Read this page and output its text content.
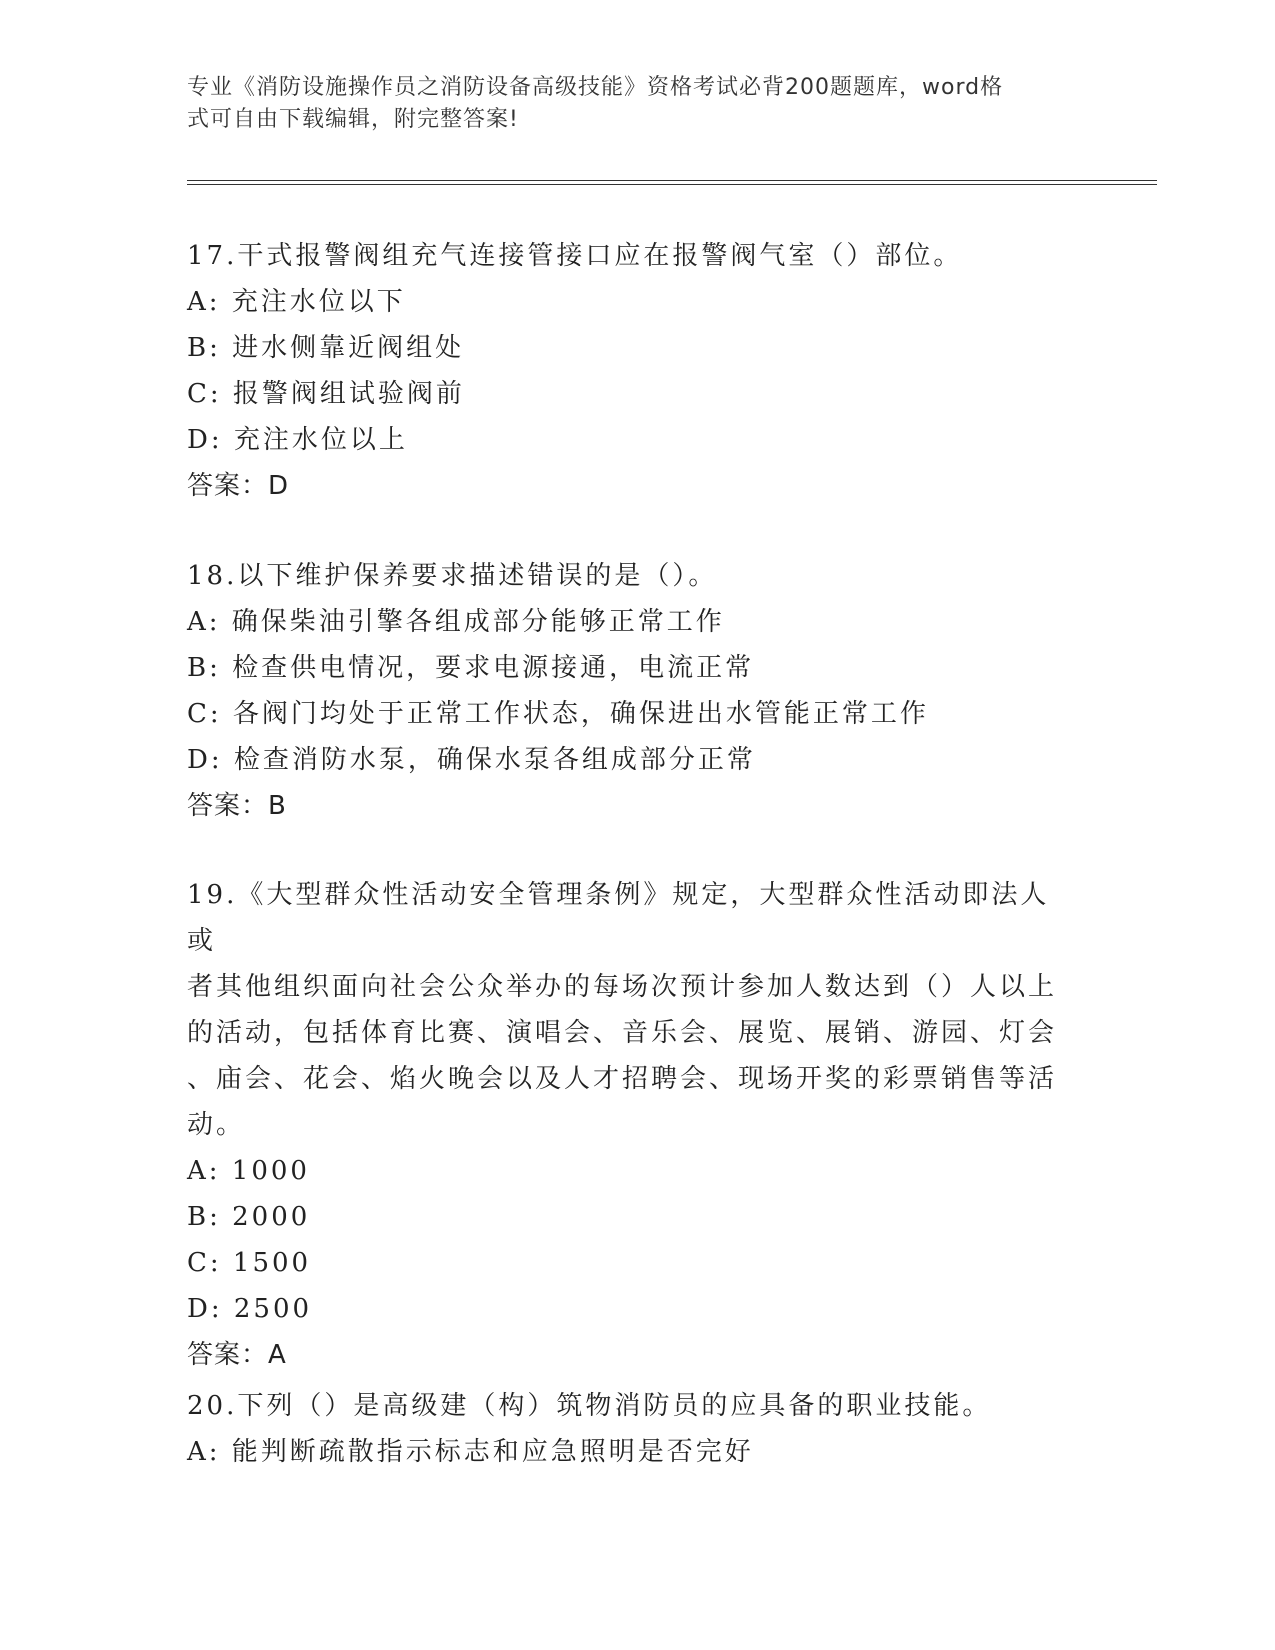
专业《消防设施操作员之消防设备高级技能》资格考试必背200题题库，word格
式可自由下载编辑，附完整答案!
17.干式报警阀组充气连接管接口应在报警阀气室（）部位。
A: 充注水位以下
B: 进水侧靠近阀组处
C: 报警阀组试验阀前
D: 充注水位以上
答案：D
18.以下维护保养要求描述错误的是（）。
A: 确保柴油引擎各组成部分能够正常工作
B: 检查供电情况，要求电源接通，电流正常
C: 各阀门均处于正常工作状态，确保进出水管能正常工作
D: 检查消防水泵，确保水泵各组成部分正常
答案：B
19.《大型群众性活动安全管理条例》规定，大型群众性活动即法人或
者其他组织面向社会公众举办的每场次预计参加人数达到（）人以上
的活动，包括体育比赛、演唱会、音乐会、展览、展销、游园、灯会
、庙会、花会、焰火晚会以及人才招聘会、现场开奖的彩票销售等活
动。
A: 1000
B: 2000
C: 1500
D: 2500
答案：A
20.下列（）是高级建（构）筑物消防员的应具备的职业技能。
A: 能判断疏散指示标志和应急照明是否完好
